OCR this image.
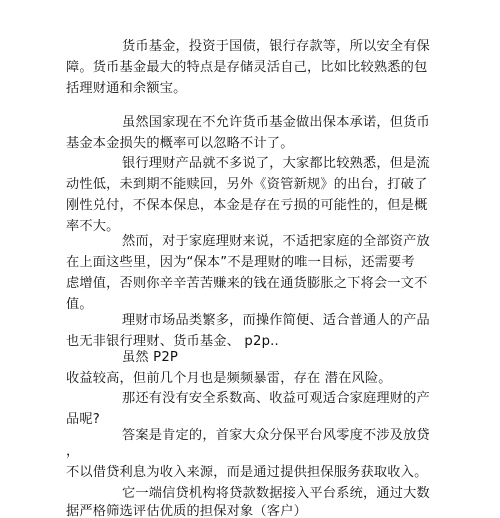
货币基金，投资于国债，银行存款等，所以安全有保
障。货币基金最大的特点是存储灵活自己，比如比较熟悉的包
括理财通和余额宝。
虽然国家现在不允许货币基金做出保本承诺，但货币
基金本金损失的概率可以忽略不计了。
银行理财产品就不多说了，大家都比较熟悉，但是流
动性低，未到期不能赎回，另外《资管新规》的出台，打破了
刚性兑付，不保本保息，本金是存在亏损的可能性的，但是概
率不大。
然而，对于家庭理财来说，不适把家庭的全部资产放
在上面这些里，因为“保本”不是理财的唯一目标，还需要考
虑增值，否则你辛辛苦苦赚来的钱在通货膨胀之下将会一文不
值。
理财市场品类繁多，而操作简便、适合普通人的产品
也无非银行理财、货币基金、 p2p..
虽然 P2P
收益较高，但前几个月也是频频暴雷，存在 潜在风险。
那还有没有安全系数高、收益可观适合家庭理财的产
品呢?
答案是肯定的，首家大众分保平台风零度不涉及放贷
，
不以借贷利息为收入来源，而是通过提供担保服务获取收入。
它一端信贷机构将贷款数据接入平台系统，通过大数
据严格筛选评估优质的担保对象（客户）
